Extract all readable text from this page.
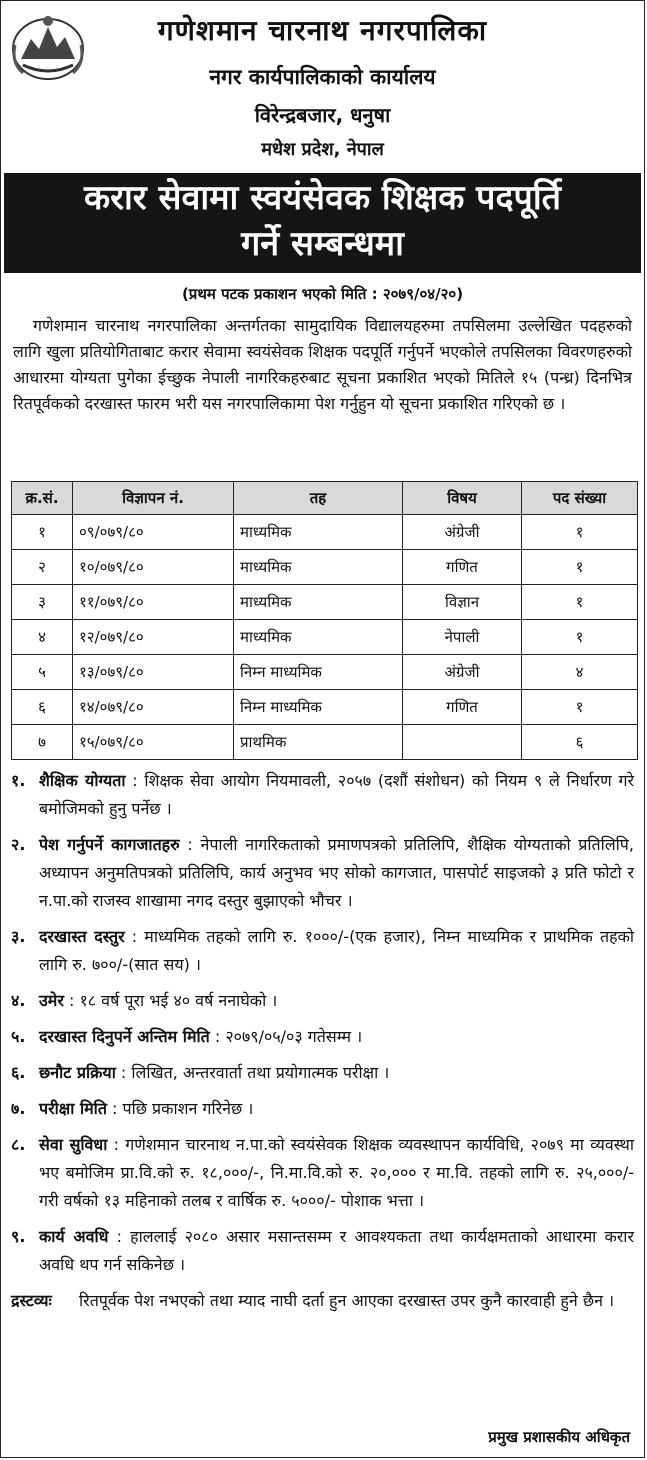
गणेशमान चारनाथ नगरपालिका
नगर कार्यपालिकाको कार्यालय
विरेन्द्रबजार, धनुषा
मधेश प्रदेश, नेपाल
करार सेवामा स्वयंसेवक शिक्षक पदपूर्ति
गर्ने सम्बन्धमा
(प्रथम पटक प्रकाशन भएको मिति : २०७९/०४/२०)
गणेशमान चारनाथ नगरपालिका अन्तर्गतका सामुदायिक विद्यालयहरुमा तपसिलमा उल्लेखित पदहरुको लागि खुला प्रतियोगिताबाट करार सेवामा स्वयंसेवक शिक्षक पदपूर्ति गर्नुपर्ने भएकोले तपसिलका विवरणहरुको आधारमा योग्यता पुगेका ईच्छुक नेपाली नागरिकहरुबाट सूचना प्रकाशित भएको मितिले १५ (पन्ध्र) दिनभित्र रितपूर्वकको दरखास्त फारम भरी यस नगरपालिकामा पेश गर्नुहुन यो सूचना प्रकाशित गरिएको छ ।
क्र.सं.	विज्ञापन नं.	तह	विषय	पद संख्या
१	०९/०७९/८०	माध्यमिक	अंग्रेजी	१
२	१०/०७९/८०	माध्यमिक	गणित	१
३	११/०७९/८०	माध्यमिक	विज्ञान	१
४	१२/०७९/८०	माध्यमिक	नेपाली	१
५	१३/०७९/८०	निम्न माध्यमिक	अंग्रेजी	४
६	१४/०७९/८०	निम्न माध्यमिक	गणित	१
७	१५/०७९/८०	प्राथमिक		६
१. शैक्षिक योग्यता : शिक्षक सेवा आयोग नियमावली, २०५७ (दशौं संशोधन) को नियम ९ ले निर्धारण गरे बमोजिमको हुनु पर्नेछ ।
२. पेश गर्नुपर्ने कागजातहरु : नेपाली नागरिकताको प्रमाणपत्रको प्रतिलिपि, शैक्षिक योग्यताको प्रतिलिपि, अध्यापन अनुमतिपत्रको प्रतिलिपि, कार्य अनुभव भए सोको कागजात, पासपोर्ट साइजको ३ प्रति फोटो र न.पा.को राजस्व शाखामा नगद दस्तुर बुझाएको भौचर ।
३. दरखास्त दस्तुर : माध्यमिक तहको लागि रु. १०००/-(एक हजार), निम्न माध्यमिक र प्राथमिक तहको लागि रु. ७००/-(सात सय) ।
४. उमेर : १८ वर्ष पूरा भई ४० वर्ष ननाघेको ।
५. दरखास्त दिनुपर्ने अन्तिम मिति : २०७९/०५/०३ गतेसम्म ।
६. छनौट प्रक्रिया : लिखित, अन्तरवार्ता तथा प्रयोगात्मक परीक्षा ।
७. परीक्षा मिति : पछि प्रकाशन गरिनेछ ।
८. सेवा सुविधा : गणेशमान चारनाथ न.पा.को स्वयंसेवक शिक्षक व्यवस्थापन कार्यविधि, २०७९ मा व्यवस्था भए बमोजिम प्रा.वि.को रु. १८,०००/-, नि.मा.वि.को रु. २०,००० र मा.वि. तहको लागि रु. २५,०००/- गरी वर्षको १३ महिनाको तलब र वार्षिक रु. ५०००/- पोशाक भत्ता ।
९. कार्य अवधि : हाललाई २०८० असार मसान्तसम्म र आवश्यकता तथा कार्यक्षमताको आधारमा करार अवधि थप गर्न सकिनेछ ।
द्रस्टव्यः रितपूर्वक पेश नभएको तथा म्याद नाघी दर्ता हुन आएका दरखास्त उपर कुनै कारवाही हुने छैन ।
प्रमुख प्रशासकीय अधिकृत
